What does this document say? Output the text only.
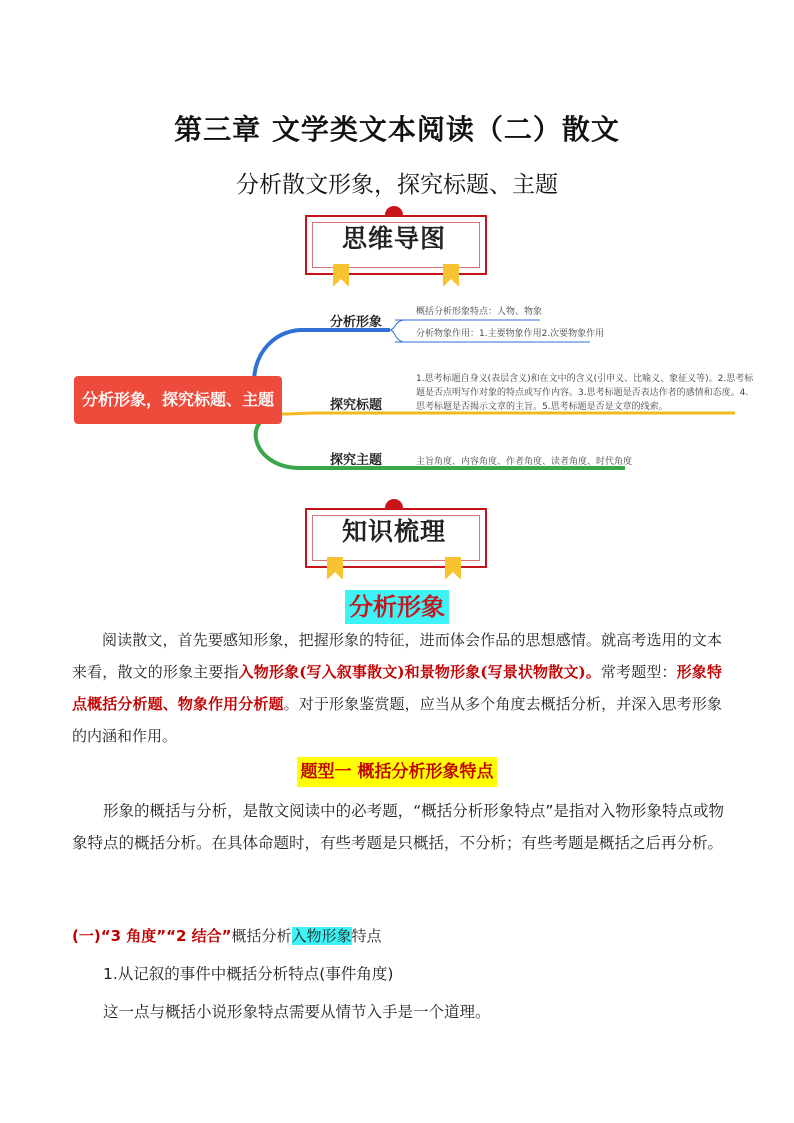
第三章 文学类文本阅读（二）散文
分析散文形象，探究标题、主题
思维导图
分析形象，探究标题、主题
分析形象
概括分析形象特点：人物、物象
分析物象作用：1.主要物象作用2.次要物象作用
探究标题
1.思考标题自身义(表层含义)和在文中的含义(引申义、比喻义、象征义等)。2.思考标
题是否点明写作对象的特点或写作内容。3.思考标题是否表达作者的感情和态度。4.
思考标题是否揭示文章的主旨。5.思考标题是否是文章的线索。
探究主题	主旨角度、内容角度、作者角度、读者角度、时代角度
知识梳理
分析形象
阅读散文，首先要感知形象，把握形象的特征，进而体会作品的思想感情。就高考选用的文本来看，散文的形象主要指入物形象(写入叙事散文)和景物形象(写景状物散文)。常考题型：形象特点概括分析题、物象作用分析题。对于形象鉴赏题，应当从多个角度去概括分析，并深入思考形象的内涵和作用。
题型一 概括分析形象特点
形象的概括与分析，是散文阅读中的必考题，“概括分析形象特点”是指对入物形象特点或物象特点的概括分析。在具体命题时，有些考题是只概括，不分析；有些考题是概括之后再分析。
(一)“3 角度”“2 结合”概括分析入物形象特点
1.从记叙的事件中概括分析特点(事件角度)
这一点与概括小说形象特点需要从情节入手是一个道理。
